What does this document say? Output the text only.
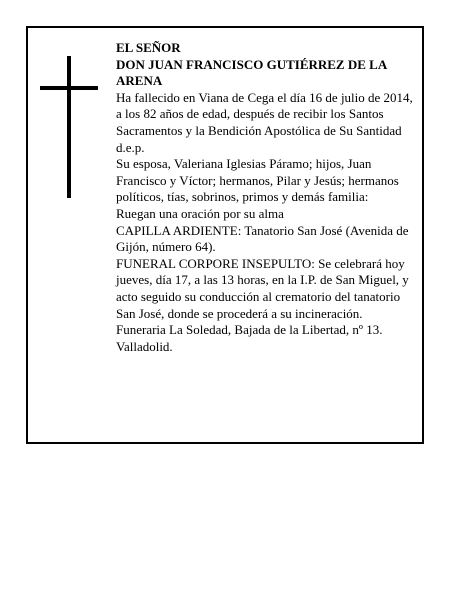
EL SEÑOR

DON JUAN FRANCISCO GUTIÉRREZ DE LA ARENA

Ha fallecido en Viana de Cega el día 16 de julio de 2014, a los 82 años de edad, después de recibir los Santos Sacramentos y la Bendición Apostólica de Su Santidad

d.e.p.

Su esposa, Valeriana Iglesias Páramo; hijos, Juan Francisco y Víctor; hermanos, Pilar y Jesús; hermanos políticos, tías, sobrinos, primos y demás familia:

Ruegan una oración por su alma

CAPILLA ARDIENTE: Tanatorio San José (Avenida de Gijón, número 64).

FUNERAL CORPORE INSEPULTO: Se celebrará hoy jueves, día 17, a las 13 horas, en la I.P. de San Miguel, y acto seguido su conducción al crematorio del tanatorio San José, donde se procederá a su incineración.

Funeraria La Soledad, Bajada de la Libertad, nº 13. Valladolid.
